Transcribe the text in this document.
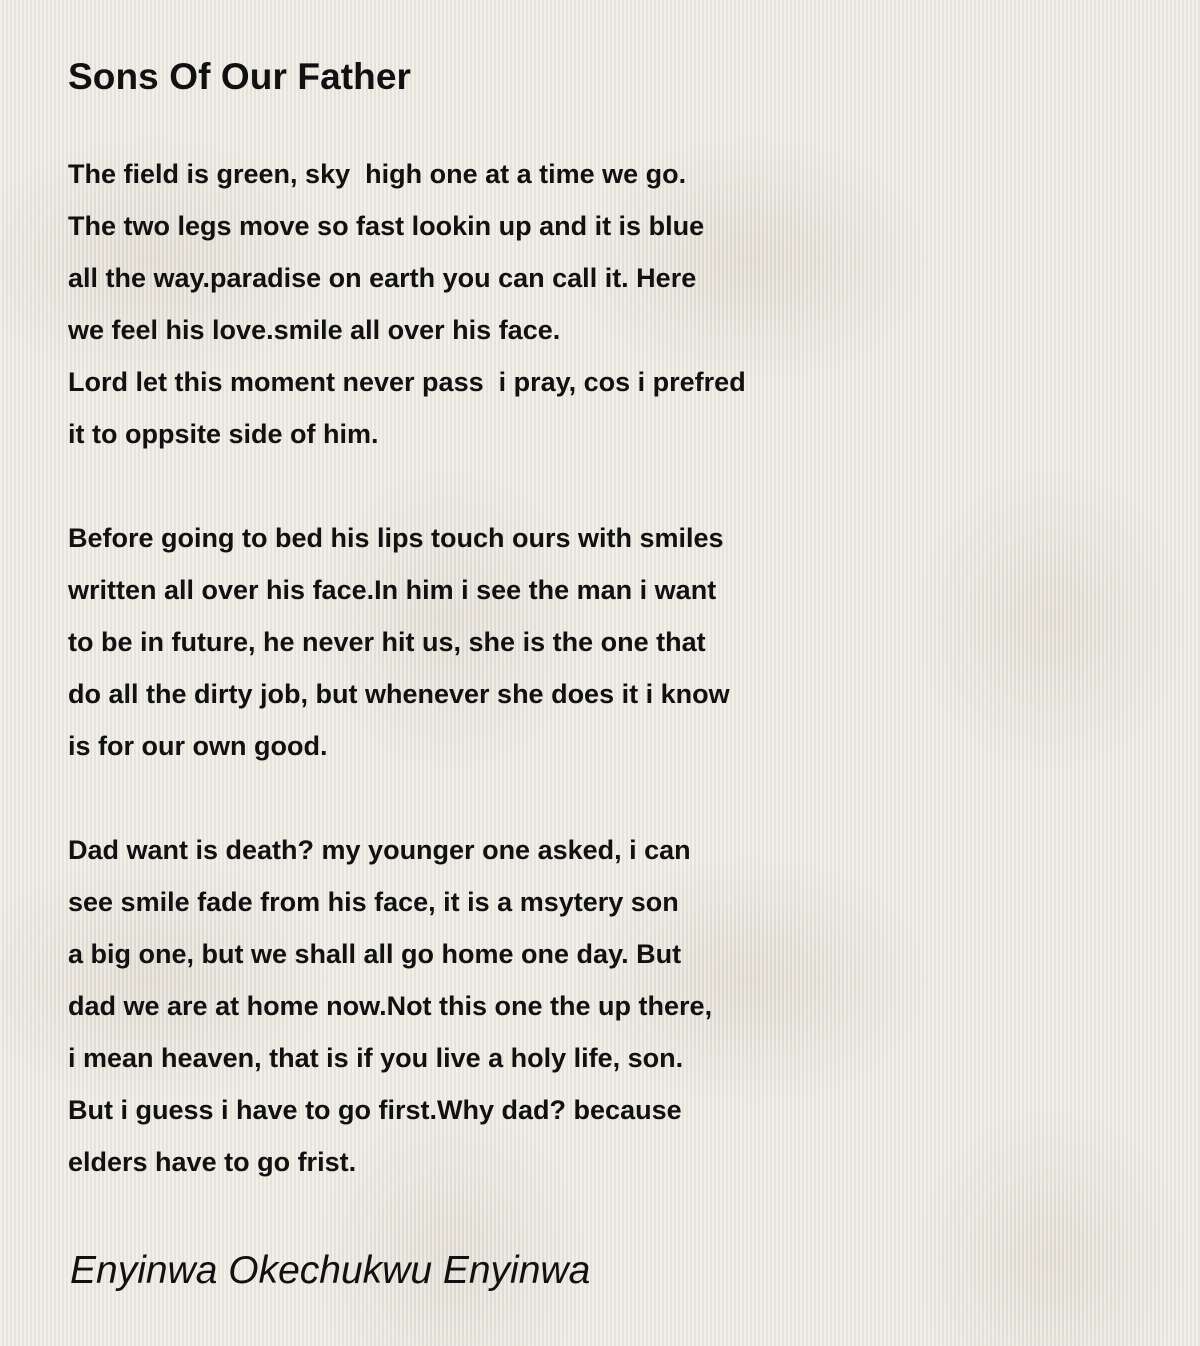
Sons Of Our Father
The field is green, sky  high one at a time we go.
The two legs move so fast lookin up and it is blue
all the way.paradise on earth you can call it. Here
we feel his love.smile all over his face.
Lord let this moment never pass  i pray, cos i prefred
it to oppsite side of him.
Before going to bed his lips touch ours with smiles
written all over his face.In him i see the man i want
to be in future, he never hit us, she is the one that
do all the dirty job, but whenever she does it i know
is for our own good.
Dad want is death? my younger one asked, i can
see smile fade from his face, it is a msytery son
a big one, but we shall all go home one day. But
dad we are at home now.Not this one the up there,
i mean heaven, that is if you live a holy life, son.
But i guess i have to go first.Why dad? because
elders have to go frist.

Enyinwa Okechukwu Enyinwa
